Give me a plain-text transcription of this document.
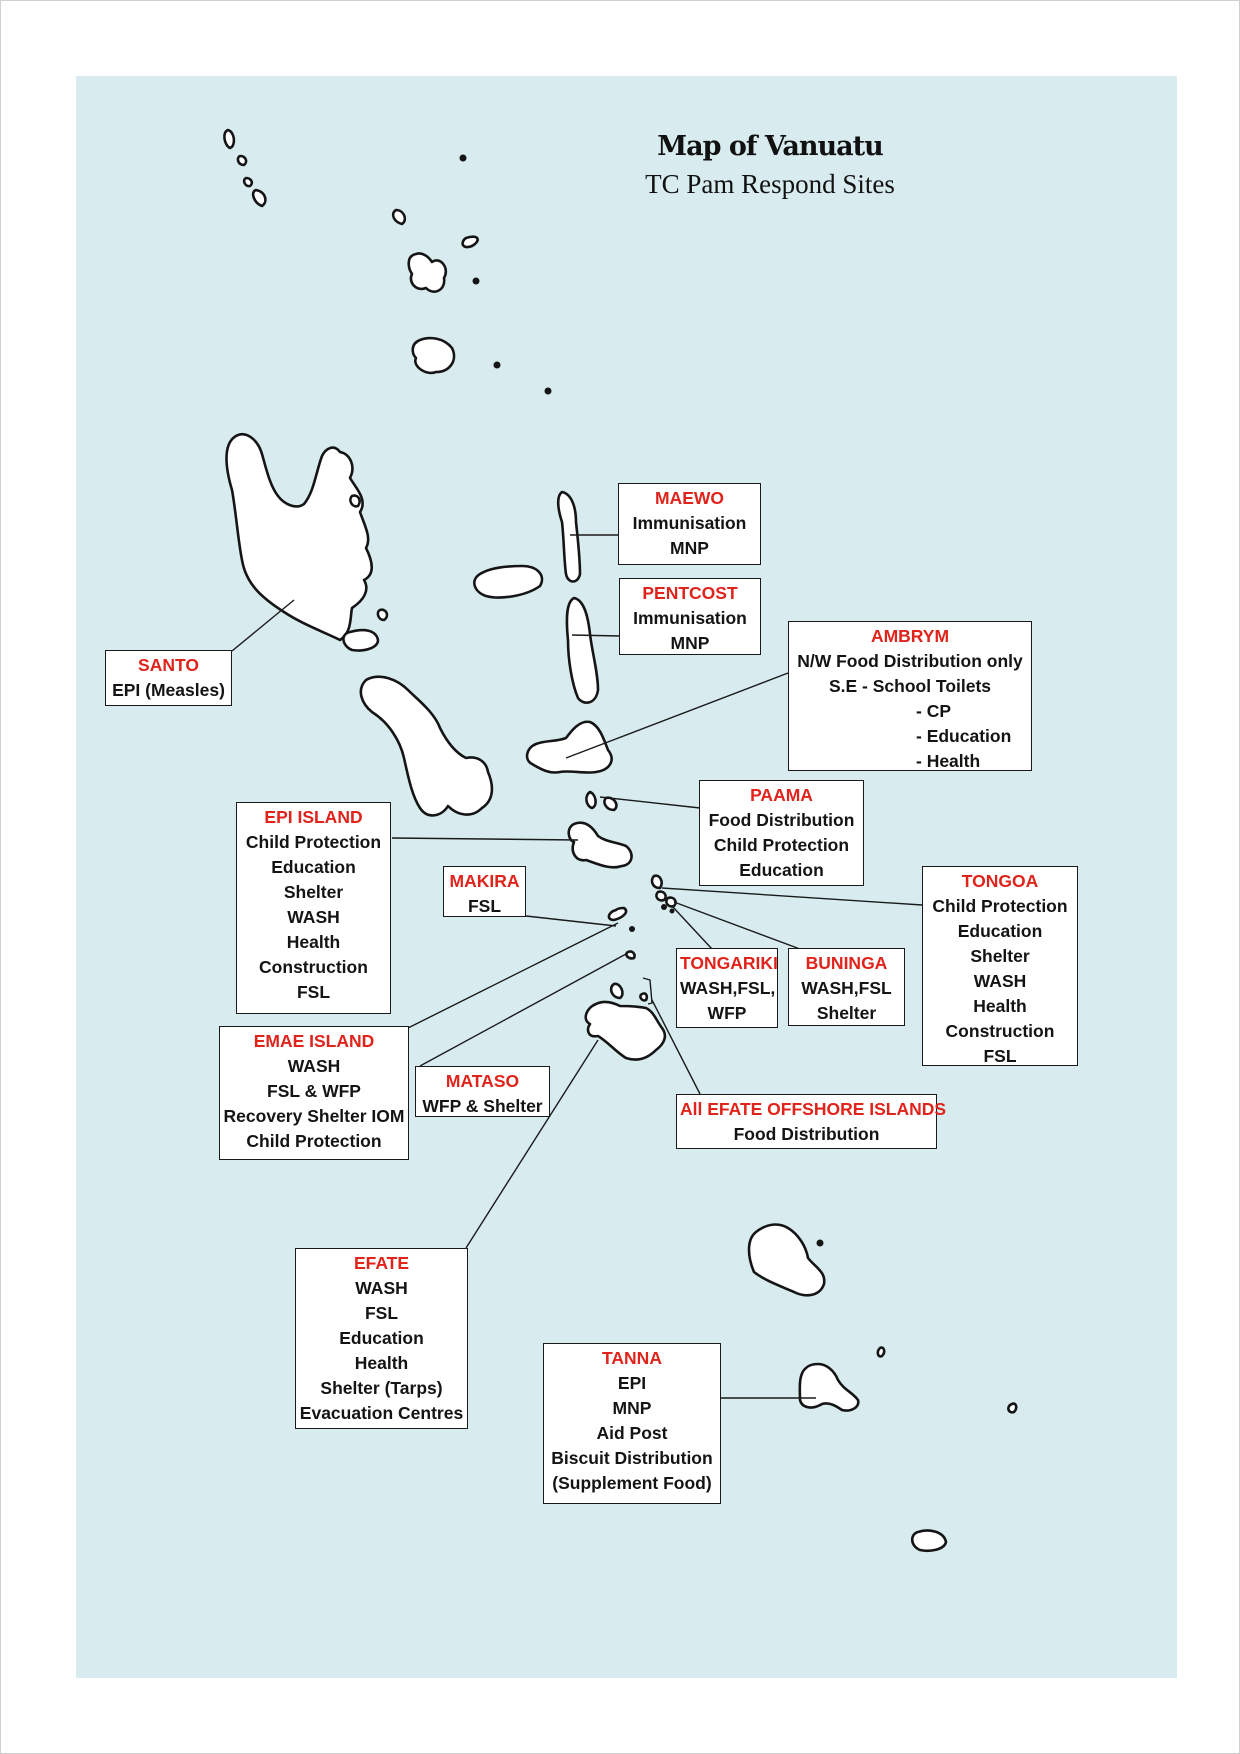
Map of Vanuatu
TC Pam Respond Sites
MAEWO
Immunisation
MNP
PENTCOST
Immunisation
MNP	AMBRYM
N/W Food Distribution only
S.E - School Toilets
- CP
- Education
- Health
SANTO
EPI (Measles)
PAAMA
Food Distribution
Child Protection
Education
EPI ISLAND
Child Protection
Education
Shelter
WASH
Health
Construction
FSL
MAKIRA
FSL
TONGOA
Child Protection
Education
Shelter
WASH
Health
Construction
FSL
TONGARIKI
WASH,FSL,
WFP
BUNINGA
WASH,FSL
Shelter
EMAE ISLAND
WASH
FSL & WFP
Recovery Shelter IOM
Child Protection
MATASO
WFP & Shelter	All EFATE OFFSHORE ISLANDS
Food Distribution
EFATE
WASH
FSL
Education
Health
Shelter (Tarps)
Evacuation Centres
TANNA
EPI
MNP
Aid Post
Biscuit Distribution
(Supplement Food)
